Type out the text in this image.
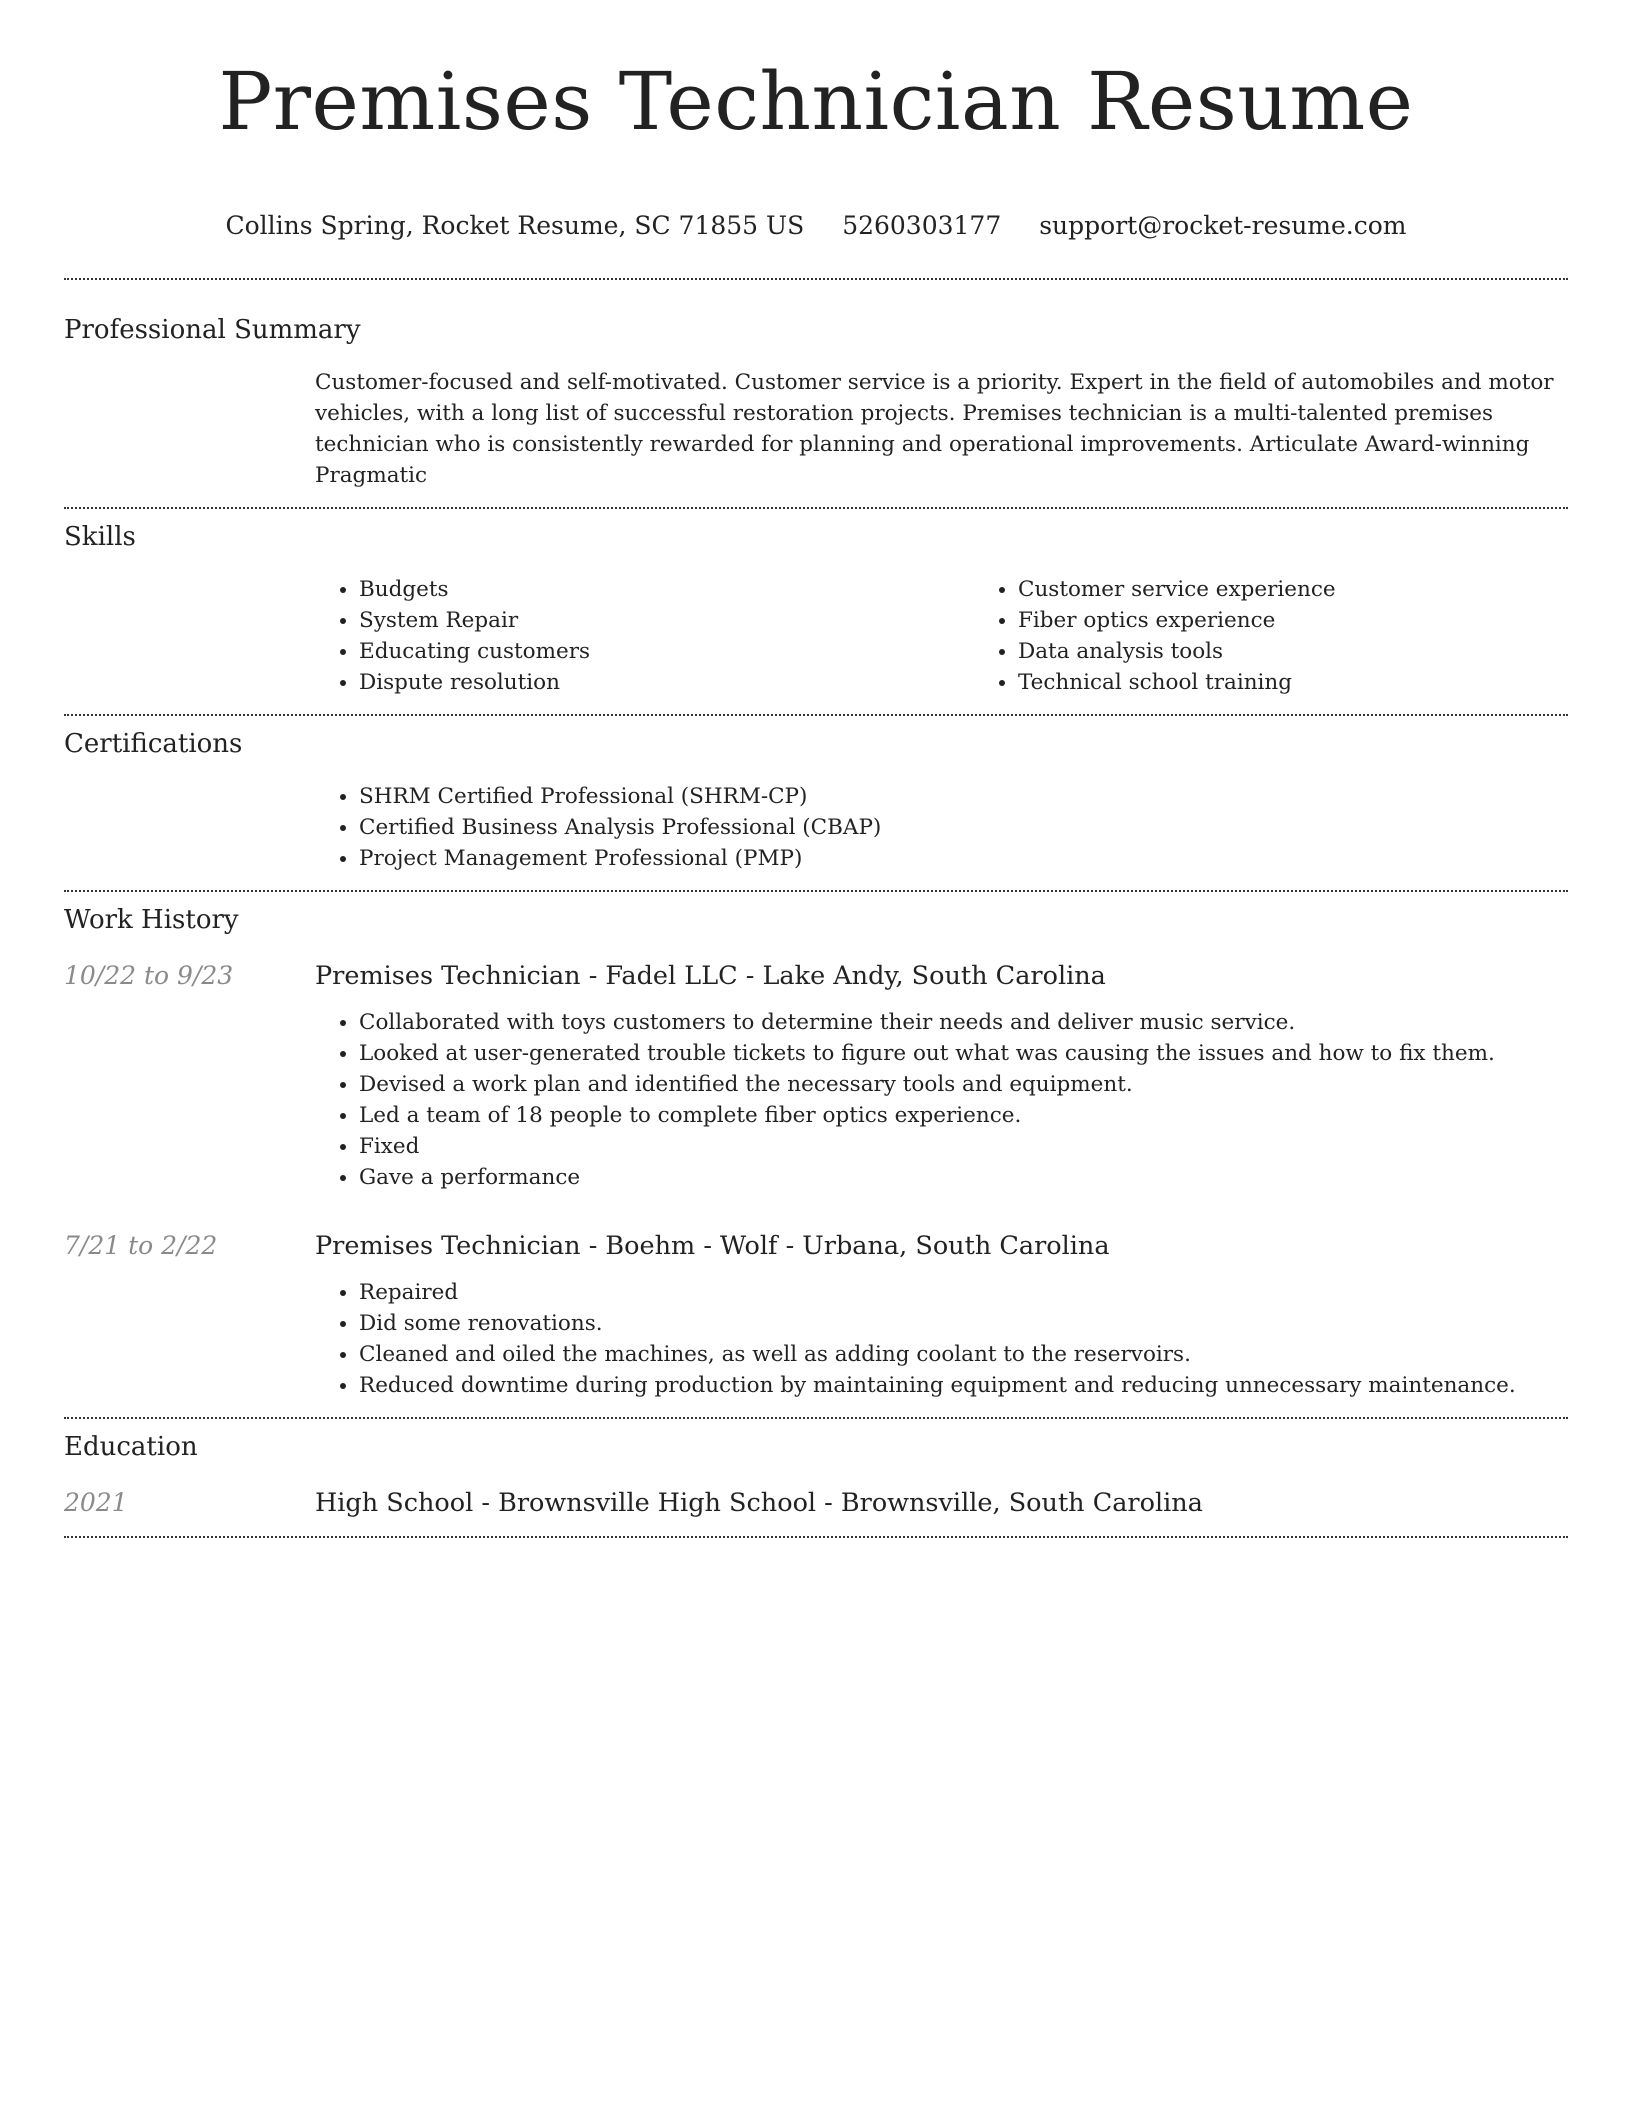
Premises Technician Resume
Collins Spring, Rocket Resume, SC 71855 US 5260303177 support@rocket-resume.com
Professional Summary

Customer-focused and self-motivated. Customer service is a priority. Expert in the field of automobiles and motor vehicles, with a long list of successful restoration projects. Premises technician is a multi-talented premises technician who is consistently rewarded for planning and operational improvements. Articulate Award-winning Pragmatic

Skills
• Budgets
• System Repair
• Educating customers
• Dispute resolution
• Customer service experience
• Fiber optics experience
• Data analysis tools
• Technical school training
Certifications
• SHRM Certified Professional (SHRM-CP)
• Certified Business Analysis Professional (CBAP)
• Project Management Professional (PMP)
Work History
10/22 to 9/23	Premises Technician - Fadel LLC - Lake Andy, South Carolina
• Collaborated with toys customers to determine their needs and deliver music service.
• Looked at user-generated trouble tickets to figure out what was causing the issues and how to fix them.
• Devised a work plan and identified the necessary tools and equipment.
• Led a team of 18 people to complete fiber optics experience.
• Fixed
• Gave a performance
7/21 to 2/22	Premises Technician - Boehm - Wolf - Urbana, South Carolina
• Repaired
• Did some renovations.
• Cleaned and oiled the machines, as well as adding coolant to the reservoirs.
• Reduced downtime during production by maintaining equipment and reducing unnecessary maintenance.
Education
2021	High School - Brownsville High School - Brownsville, South Carolina
